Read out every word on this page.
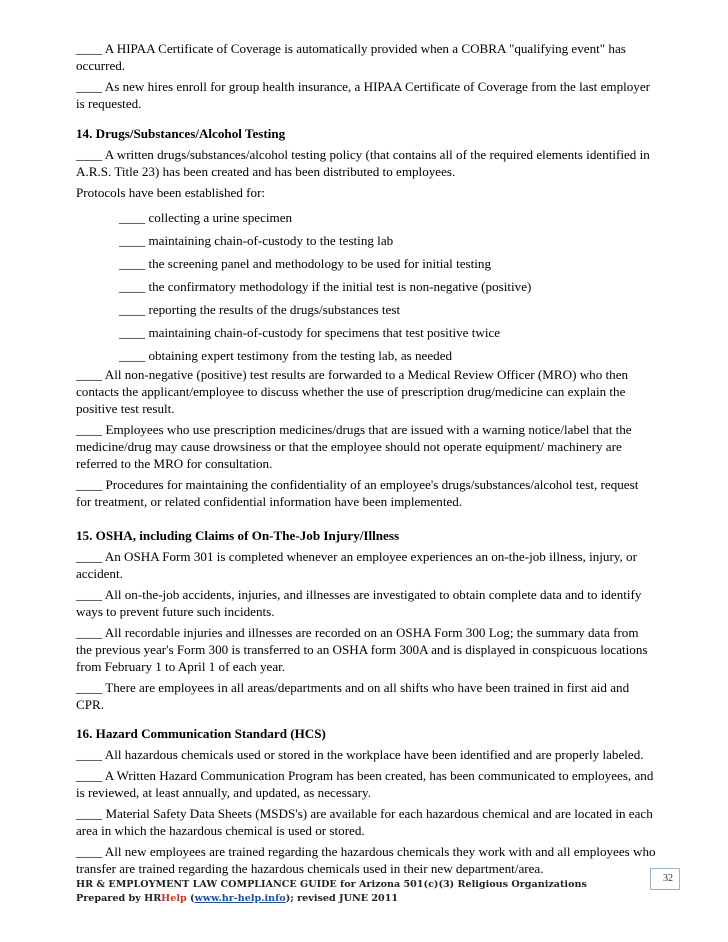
____ A HIPAA Certificate of Coverage is automatically provided when a COBRA "qualifying event" has occurred.

____ As new hires enroll for group health insurance, a HIPAA Certificate of Coverage from the last employer is requested.

14. Drugs/Substances/Alcohol Testing

____ A written drugs/substances/alcohol testing policy (that contains all of the required elements identified in A.R.S. Title 23) has been created and has been distributed to employees.

Protocols have been established for:

____ collecting a urine specimen

____ maintaining chain-of-custody to the testing lab

____ the screening panel and methodology to be used for initial testing

____ the confirmatory methodology if the initial test is non-negative (positive)

____ reporting the results of the drugs/substances test

____ maintaining chain-of-custody for specimens that test positive twice

____ obtaining expert testimony from the testing lab, as needed

____ All non-negative (positive) test results are forwarded to a Medical Review Officer (MRO) who then contacts the applicant/employee to discuss whether the use of prescription drug/medicine can explain the positive test result.

____ Employees who use prescription medicines/drugs that are issued with a warning notice/label that the medicine/drug may cause drowsiness or that the employee should not operate equipment/ machinery are referred to the MRO for consultation.

____ Procedures for maintaining the confidentiality of an employee's drugs/substances/alcohol test, request for treatment, or related confidential information have been implemented.

15. OSHA, including Claims of On-The-Job Injury/Illness

____ An OSHA Form 301 is completed whenever an employee experiences an on-the-job illness, injury, or accident.

____ All on-the-job accidents, injuries, and illnesses are investigated to obtain complete data and to identify ways to prevent future such incidents.

____ All recordable injuries and illnesses are recorded on an OSHA Form 300 Log; the summary data from the previous year's Form 300 is transferred to an OSHA form 300A and is displayed in conspicuous locations from February 1 to April 1 of each year.

____ There are employees in all areas/departments and on all shifts who have been trained in first aid and CPR.

16. Hazard Communication Standard (HCS)

____ All hazardous chemicals used or stored in the workplace have been identified and are properly labeled.

____ A Written Hazard Communication Program has been created, has been communicated to employees, and is reviewed, at least annually, and updated, as necessary.

____ Material Safety Data Sheets (MSDS's) are available for each hazardous chemical and are located in each area in which the hazardous chemical is used or stored.

____ All new employees are trained regarding the hazardous chemicals they work with and all employees who transfer are trained regarding the hazardous chemicals used in their new department/area.

32
HR & EMPLOYMENT LAW COMPLIANCE GUIDE for Arizona 501(c)(3) Religious Organizations
Prepared by HRHelp (www.hr-help.info); revised JUNE 2011
